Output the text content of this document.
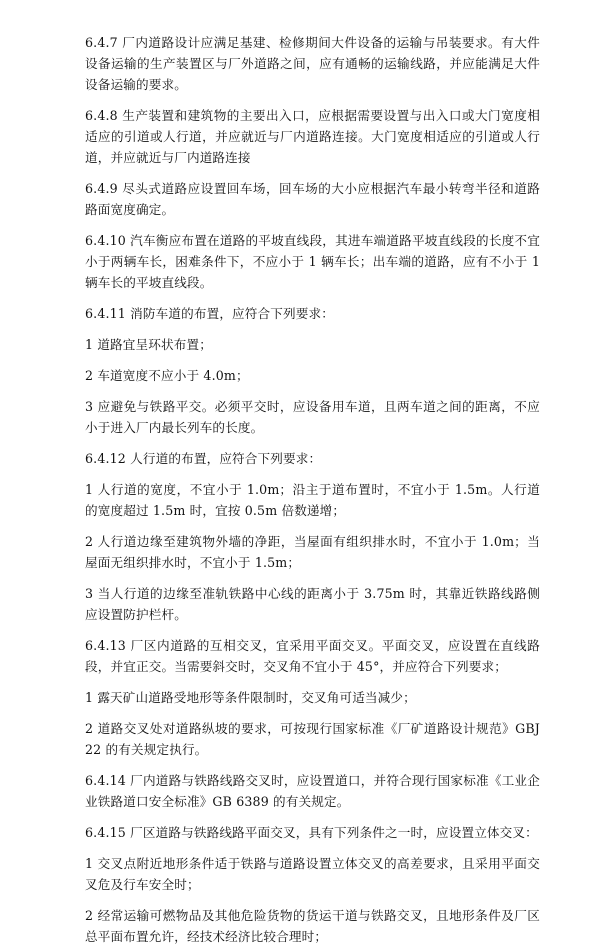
6.4.7 厂内道路设计应满足基建、检修期间大件设备的运输与吊装要求。有大件设备运输的生产装置区与厂外道路之间，应有通畅的运输线路，并应能满足大件设备运输的要求。

6.4.8 生产装置和建筑物的主要出入口，应根据需要设置与出入口或大门宽度相适应的引道或人行道，并应就近与厂内道路连接。大门宽度相适应的引道或人行道，并应就近与厂内道路连接

6.4.9 尽头式道路应设置回车场，回车场的大小应根据汽车最小转弯半径和道路路面宽度确定。

6.4.10 汽车衡应布置在道路的平坡直线段，其进车端道路平坡直线段的长度不宜小于两辆车长，困难条件下，不应小于 1 辆车长；出车端的道路，应有不小于 1 辆车长的平坡直线段。

6.4.11 消防车道的布置，应符合下列要求：

1 道路宜呈环状布置；

2 车道宽度不应小于 4.0m；

3 应避免与铁路平交。必须平交时，应设备用车道，且两车道之间的距离，不应小于进入厂内最长列车的长度。

6.4.12 人行道的布置，应符合下列要求：

1 人行道的宽度，不宜小于 1.0m；沿主于道布置时，不宜小于 1.5m。人行道的宽度超过 1.5m 时，宜按 0.5m 倍数递增；

2 人行道边缘至建筑物外墙的净距，当屋面有组织排水时，不宜小于 1.0m；当屋面无组织排水时，不宜小于 1.5m；

3 当人行道的边缘至准轨铁路中心线的距离小于 3.75m 时，其靠近铁路线路侧应设置防护栏杆。

6.4.13 厂区内道路的互相交叉，宜采用平面交叉。平面交叉，应设置在直线路段，并宜正交。当需要斜交时，交叉角不宜小于 45°，并应符合下列要求；

1 露天矿山道路受地形等条件限制时，交叉角可适当减少；

2 道路交叉处对道路纵坡的要求，可按现行国家标准《厂矿道路设计规范》GBJ 22 的有关规定执行。

6.4.14 厂内道路与铁路线路交叉时，应设置道口，并符合现行国家标准《工业企业铁路道口安全标准》GB 6389 的有关规定。

6.4.15 厂区道路与铁路线路平面交叉，具有下列条件之一时，应设置立体交叉：

1 交叉点附近地形条件适于铁路与道路设置立体交叉的高差要求，且采用平面交叉危及行车安全时；

2 经常运输可燃物品及其他危险货物的货运干道与铁路交叉，且地形条件及厂区总平面布置允许，经技术经济比较合理时；
